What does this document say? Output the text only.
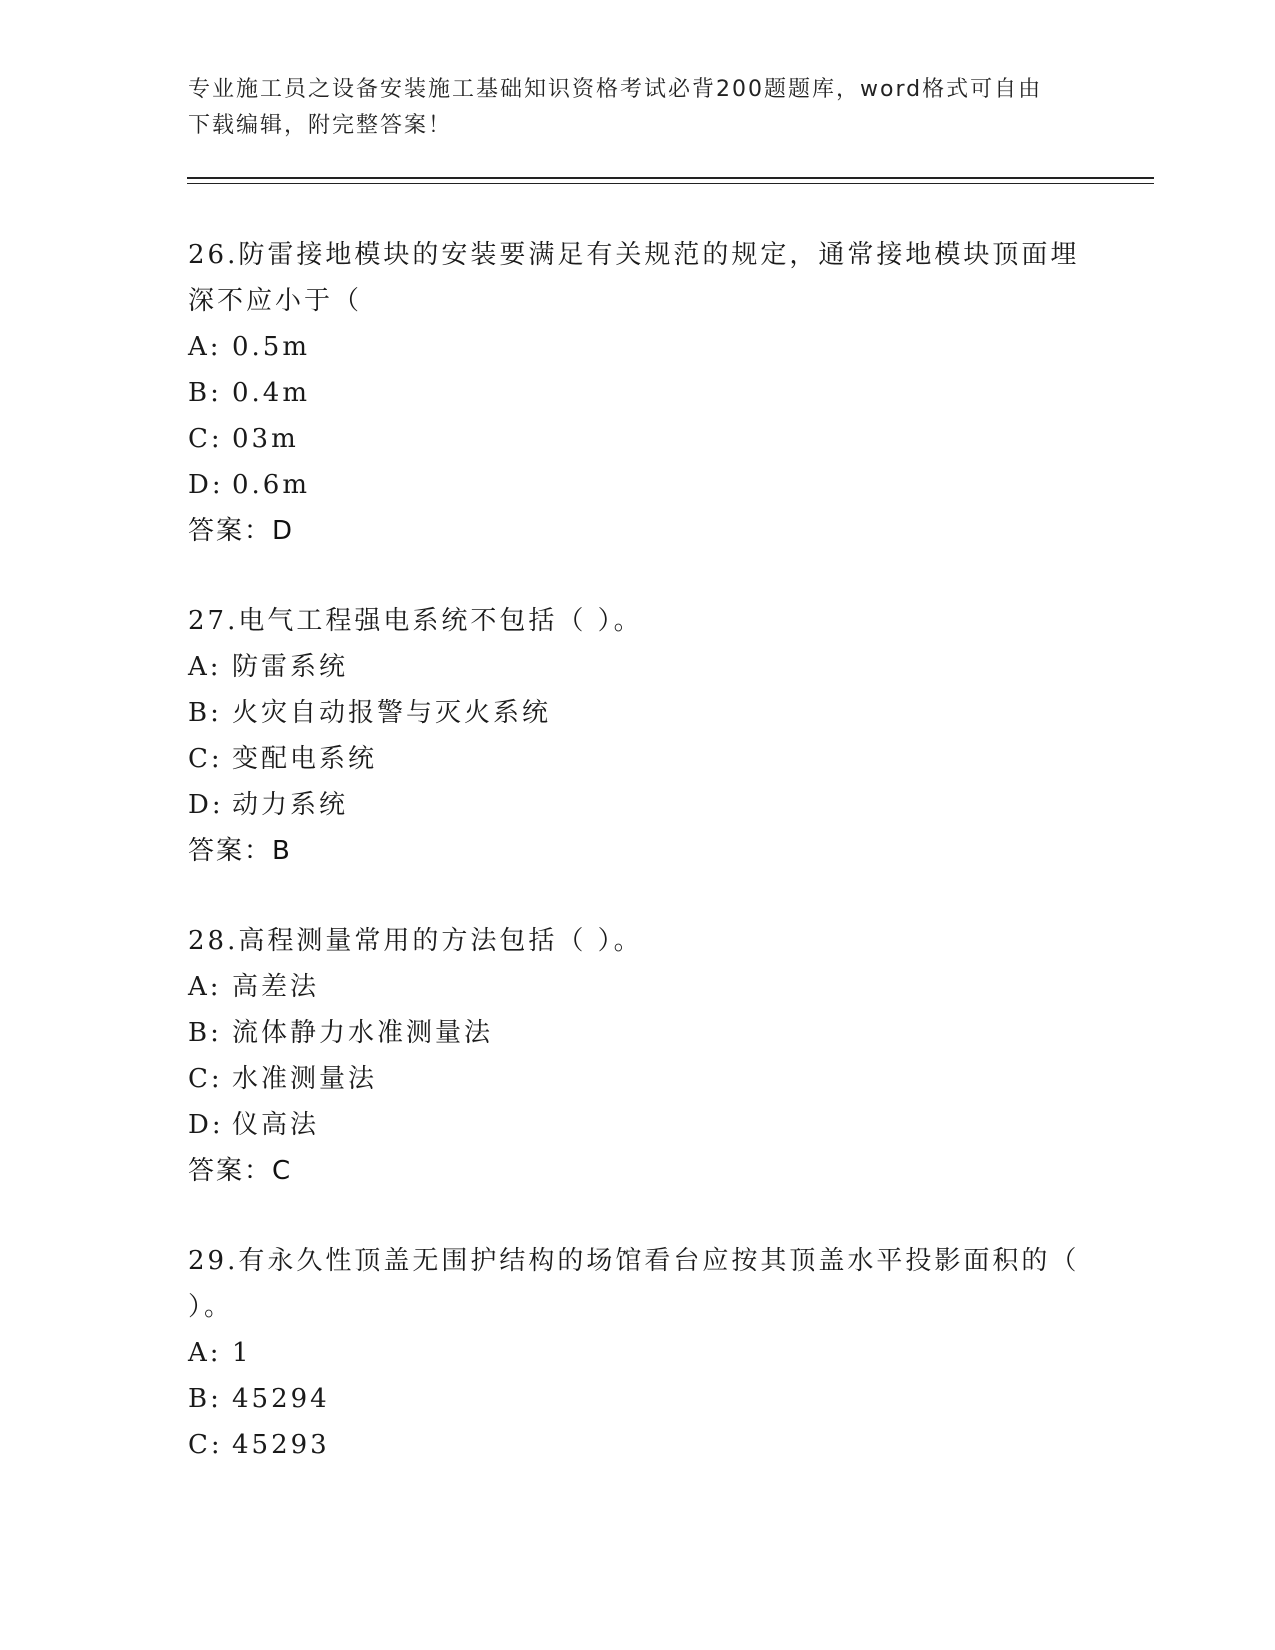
专业施工员之设备安装施工基础知识资格考试必背200题题库，word格式可自由
下载编辑，附完整答案！
26.防雷接地模块的安装要满足有关规范的规定，通常接地模块顶面埋
深不应小于（
A: 0.5m
B: 0.4m
C: 03m
D: 0.6m
答案：D
27.电气工程强电系统不包括（ ）。
A: 防雷系统
B: 火灾自动报警与灭火系统
C: 变配电系统
D: 动力系统
答案：B
28.高程测量常用的方法包括（ ）。
A: 高差法
B: 流体静力水准测量法
C: 水准测量法
D: 仪高法
答案：C
29.有永久性顶盖无围护结构的场馆看台应按其顶盖水平投影面积的（
）。
A: 1
B: 45294
C: 45293
